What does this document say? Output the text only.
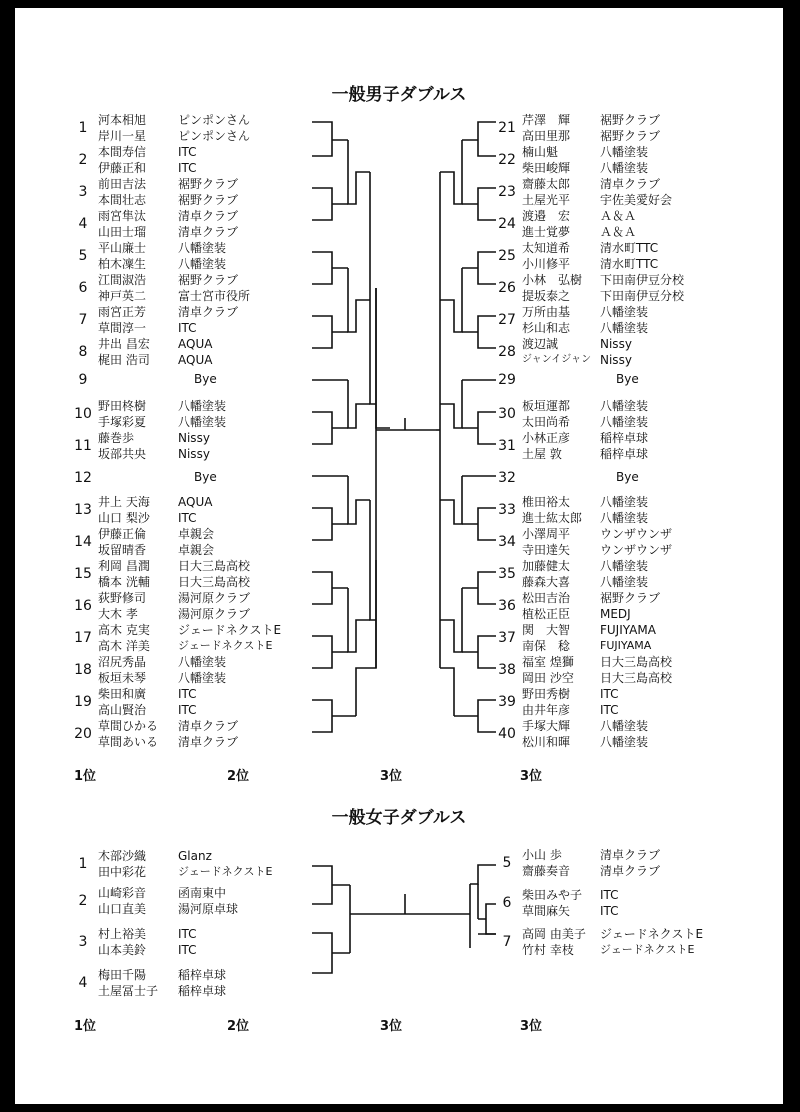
一般男子ダブルス
1 河本相旭	ピンポンさん
岸川一星	ピンポンさん
2 本間寿信	ITC
伊藤正和	ITC
3 前田吉法	裾野クラブ
本間壮志	裾野クラブ
4 雨宮隼汰	清卓クラブ
山田士瑠	清卓クラブ
5 平山廉士	八幡塗装
柏木凜生	八幡塗装
6 江間淑浩	裾野クラブ
神戸英二	富士宮市役所
7 雨宮正芳	清卓クラブ
草間淳一	ITC
8 井出 昌宏 AQUA
梶田 浩司 AQUA
9	Bye
10 野田柊樹	八幡塗装
手塚彩夏	八幡塗装
11 藤巻歩	Nissy
坂部共央	Nissy
12	Bye
13 井上 天海 AQUA
山口 梨沙 ITC
14 伊藤正倫	卓親会
坂留晴香	卓親会
15 利岡 昌潤 日大三島高校
橋本 洸輔 日大三島高校
16 荻野修司	湯河原クラブ
大木 孝	湯河原クラブ
17 高木 克実 ジェードネクストE
高木 洋美	ジェードネクストE
18 沼尻秀晶	八幡塗装
板垣未琴	八幡塗装
19 柴田和廣	ITC
高山賢治	ITC
20 草間ひかる 清卓クラブ
草間あいる 清卓クラブ
21 芹澤　輝 裾野クラブ
高田里那 裾野クラブ
22 楠山魁	八幡塗装
柴田峻輝 八幡塗装
23 齋藤太郎 清卓クラブ
土屋光平 宇佐美愛好会
24 渡邉　宏 Ａ＆Ａ
進士覚夢 Ａ＆Ａ
25 太知道希 清水町TTC
小川修平 清水町TTC
26 小林　弘樹 下田南伊豆分校
提坂泰之 下田南伊豆分校
27 万所由基 八幡塗装
杉山和志 八幡塗装
28 渡辺誠	Nissy
ジャンイジャン Nissy
29	Bye
30 板垣運都 八幡塗装
太田尚希 八幡塗装
31 小林正彦 稲梓卓球
土屋 敦	稲梓卓球
32	Bye
33 椎田裕太 八幡塗装
進士紘太郎 八幡塗装
34 小澤周平 ウンザウンザ
寺田達矢 ウンザウンザ
35 加藤健太 八幡塗装
藤森大喜 八幡塗装
36 松田吉治 裾野クラブ
植松正臣 MEDJ
37 関　大智 FUJIYAMA
南保　稔	FUJIYAMA
38 福室 煌獅 日大三島高校
岡田 沙空 日大三島高校
39 野田秀樹 ITC
由井年彦 ITC
40 手塚大輝 八幡塗装
松川和暉 八幡塗装
1位	2位	3位	3位
一般女子ダブルス
1 木部沙織	Glanz
田中彩花	ジェードネクストE
2 山崎彩音	函南東中
山口直美	湯河原卓球
3 村上裕美	ITC
山本美鈴	ITC
4 梅田千陽	稲梓卓球
土屋冨士子 稲梓卓球
5 小山 歩	清卓クラブ
齋藤奏音 清卓クラブ
6 柴田みや子 ITC
草間麻矢 ITC
7 高岡 由美子 ジェードネクストE
竹村 幸枝 ジェードネクストE
1位	2位	3位	3位
